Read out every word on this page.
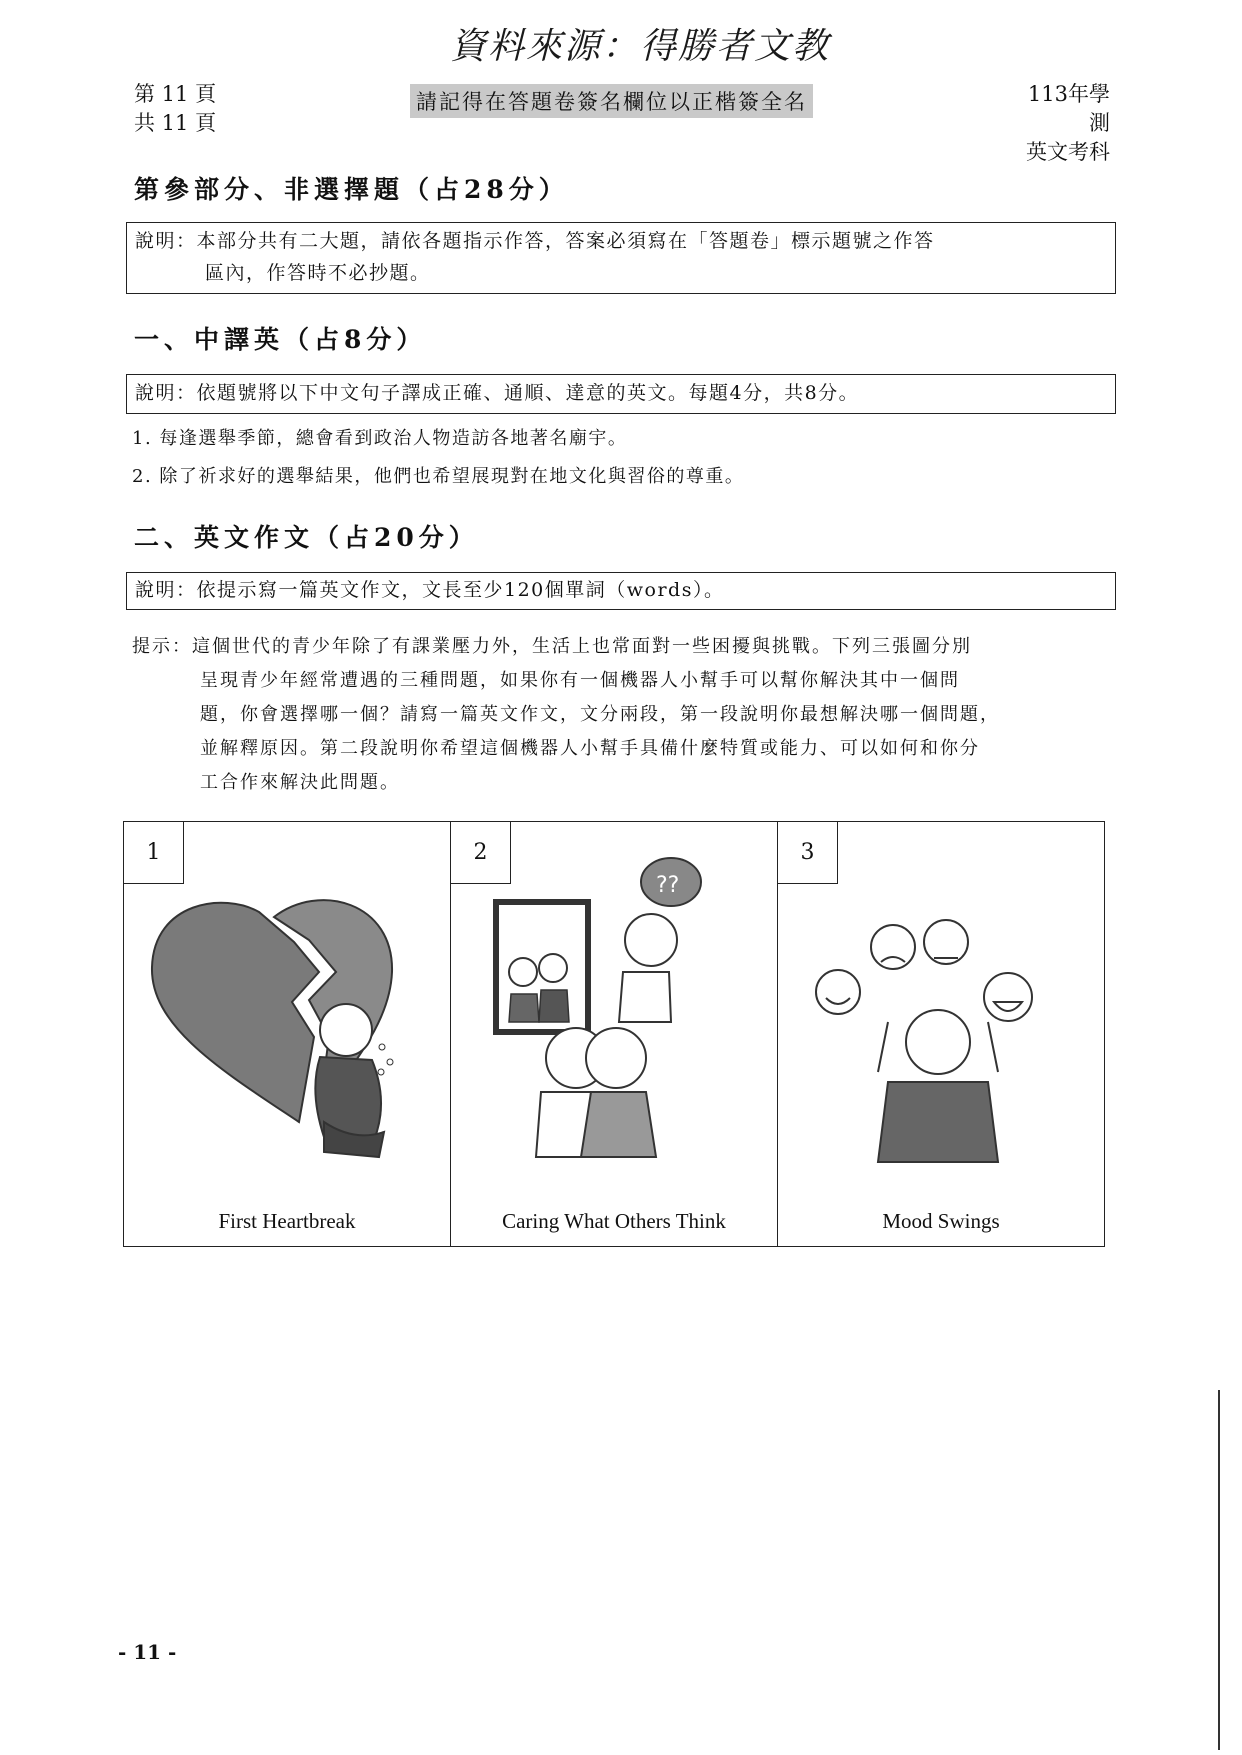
資料來源：得勝者文教
第 11 頁
共 11 頁
請記得在答題卷簽名欄位以正楷簽全名	113年學測
英文考科
第參部分、非選擇題（占28分）
說明：本部分共有二大題，請依各題指示作答，答案必須寫在「答題卷」標示題號之作答
區內，作答時不必抄題。
一、中譯英（占8分）
說明：依題號將以下中文句子譯成正確、通順、達意的英文。每題4分，共8分。
1. 每逢選舉季節，總會看到政治人物造訪各地著名廟宇。
2. 除了祈求好的選舉結果，他們也希望展現對在地文化與習俗的尊重。
二、英文作文（占20分）
說明：依提示寫一篇英文作文，文長至少120個單詞（words）。
提示：這個世代的青少年除了有課業壓力外，生活上也常面對一些困擾與挑戰。下列三張圖分別
呈現青少年經常遭遇的三種問題，如果你有一個機器人小幫手可以幫你解決其中一個問
題，你會選擇哪一個？請寫一篇英文作文，文分兩段，第一段說明你最想解決哪一個問題，
並解釋原因。第二段說明你希望這個機器人小幫手具備什麼特質或能力、可以如何和你分
工合作來解決此問題。
1
First Heartbreak
??
2
Caring What Others Think
3
Mood Swings
- 11 -
